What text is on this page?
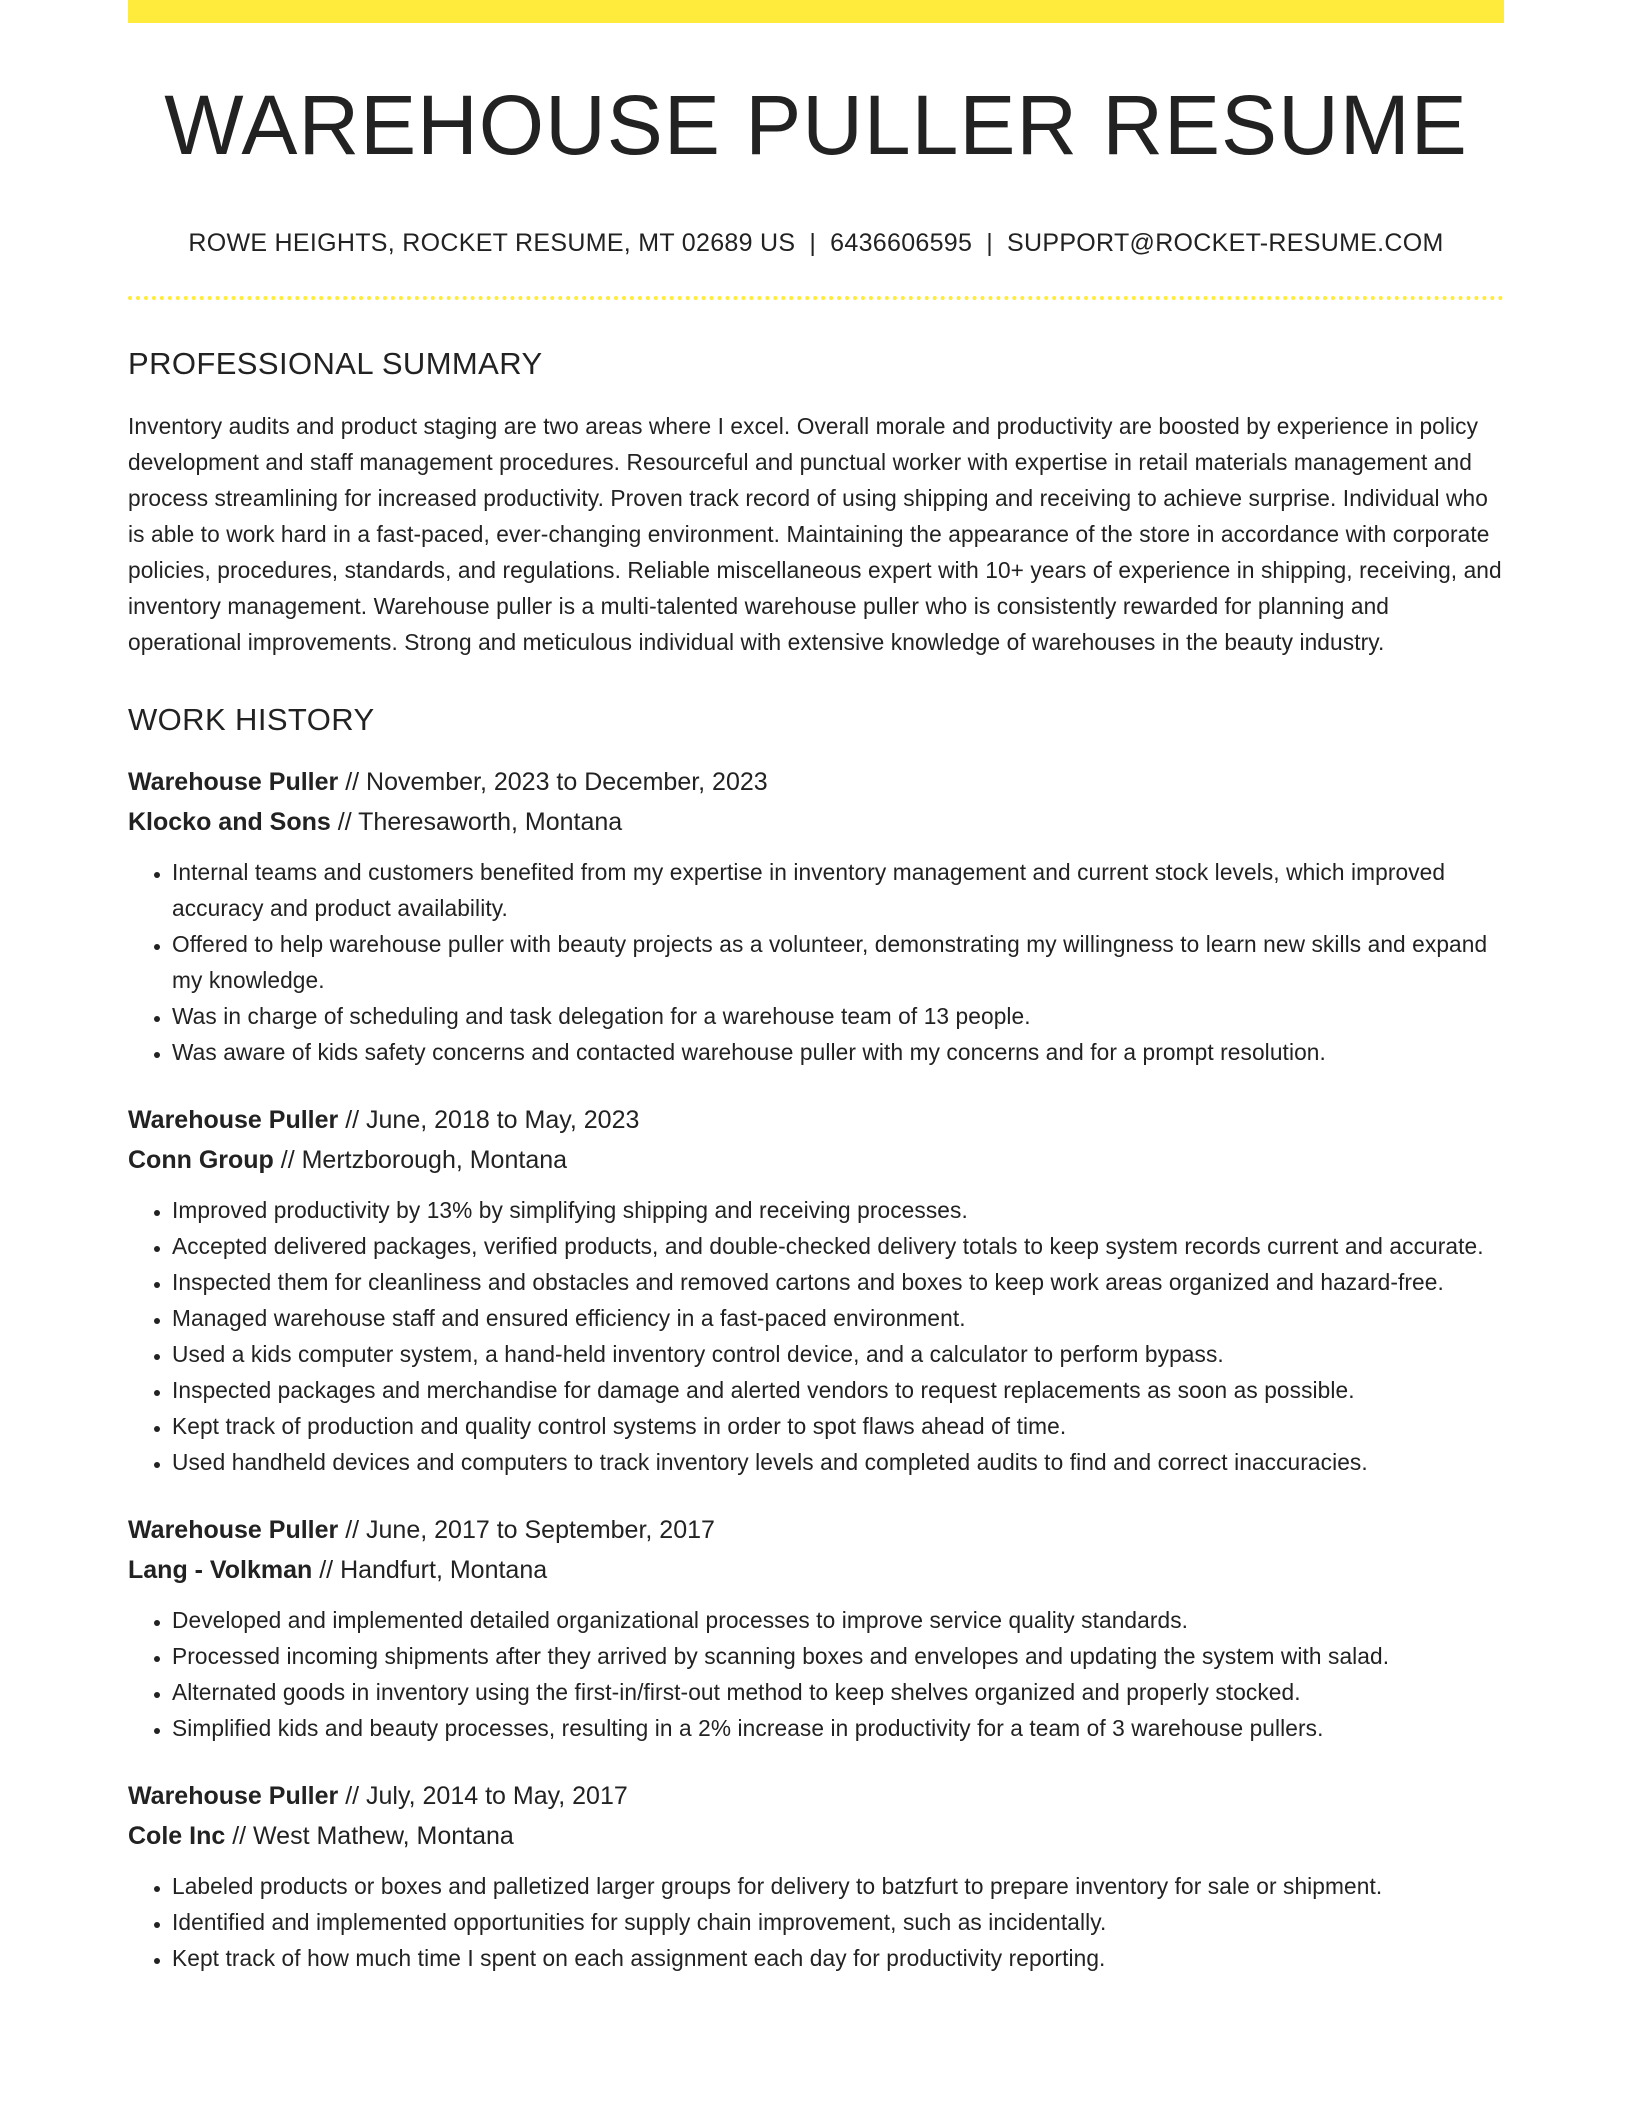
WAREHOUSE PULLER RESUME
ROWE HEIGHTS, ROCKET RESUME, MT 02689 US | 6436606595 | SUPPORT@ROCKET-RESUME.COM
PROFESSIONAL SUMMARY

Inventory audits and product staging are two areas where I excel. Overall morale and productivity are boosted by experience in policy development and staff management procedures. Resourceful and punctual worker with expertise in retail materials management and process streamlining for increased productivity. Proven track record of using shipping and receiving to achieve surprise. Individual who is able to work hard in a fast-paced, ever-changing environment. Maintaining the appearance of the store in accordance with corporate policies, procedures, standards, and regulations. Reliable miscellaneous expert with 10+ years of experience in shipping, receiving, and inventory management. Warehouse puller is a multi-talented warehouse puller who is consistently rewarded for planning and operational improvements. Strong and meticulous individual with extensive knowledge of warehouses in the beauty industry.

WORK HISTORY
Warehouse Puller // November, 2023 to December, 2023
Klocko and Sons // Theresaworth, Montana
• Internal teams and customers benefited from my expertise in inventory management and current stock levels, which improved accuracy and product availability.
• Offered to help warehouse puller with beauty projects as a volunteer, demonstrating my willingness to learn new skills and expand my knowledge.
• Was in charge of scheduling and task delegation for a warehouse team of 13 people.
• Was aware of kids safety concerns and contacted warehouse puller with my concerns and for a prompt resolution.
Warehouse Puller // June, 2018 to May, 2023
Conn Group // Mertzborough, Montana
• Improved productivity by 13% by simplifying shipping and receiving processes.
• Accepted delivered packages, verified products, and double-checked delivery totals to keep system records current and accurate.
• Inspected them for cleanliness and obstacles and removed cartons and boxes to keep work areas organized and hazard-free.
• Managed warehouse staff and ensured efficiency in a fast-paced environment.
• Used a kids computer system, a hand-held inventory control device, and a calculator to perform bypass.
• Inspected packages and merchandise for damage and alerted vendors to request replacements as soon as possible.
• Kept track of production and quality control systems in order to spot flaws ahead of time.
• Used handheld devices and computers to track inventory levels and completed audits to find and correct inaccuracies.
Warehouse Puller // June, 2017 to September, 2017
Lang - Volkman // Handfurt, Montana
• Developed and implemented detailed organizational processes to improve service quality standards.
• Processed incoming shipments after they arrived by scanning boxes and envelopes and updating the system with salad.
• Alternated goods in inventory using the first-in/first-out method to keep shelves organized and properly stocked.
• Simplified kids and beauty processes, resulting in a 2% increase in productivity for a team of 3 warehouse pullers.
Warehouse Puller // July, 2014 to May, 2017
Cole Inc // West Mathew, Montana
• Labeled products or boxes and palletized larger groups for delivery to batzfurt to prepare inventory for sale or shipment.
• Identified and implemented opportunities for supply chain improvement, such as incidentally.
• Kept track of how much time I spent on each assignment each day for productivity reporting.
